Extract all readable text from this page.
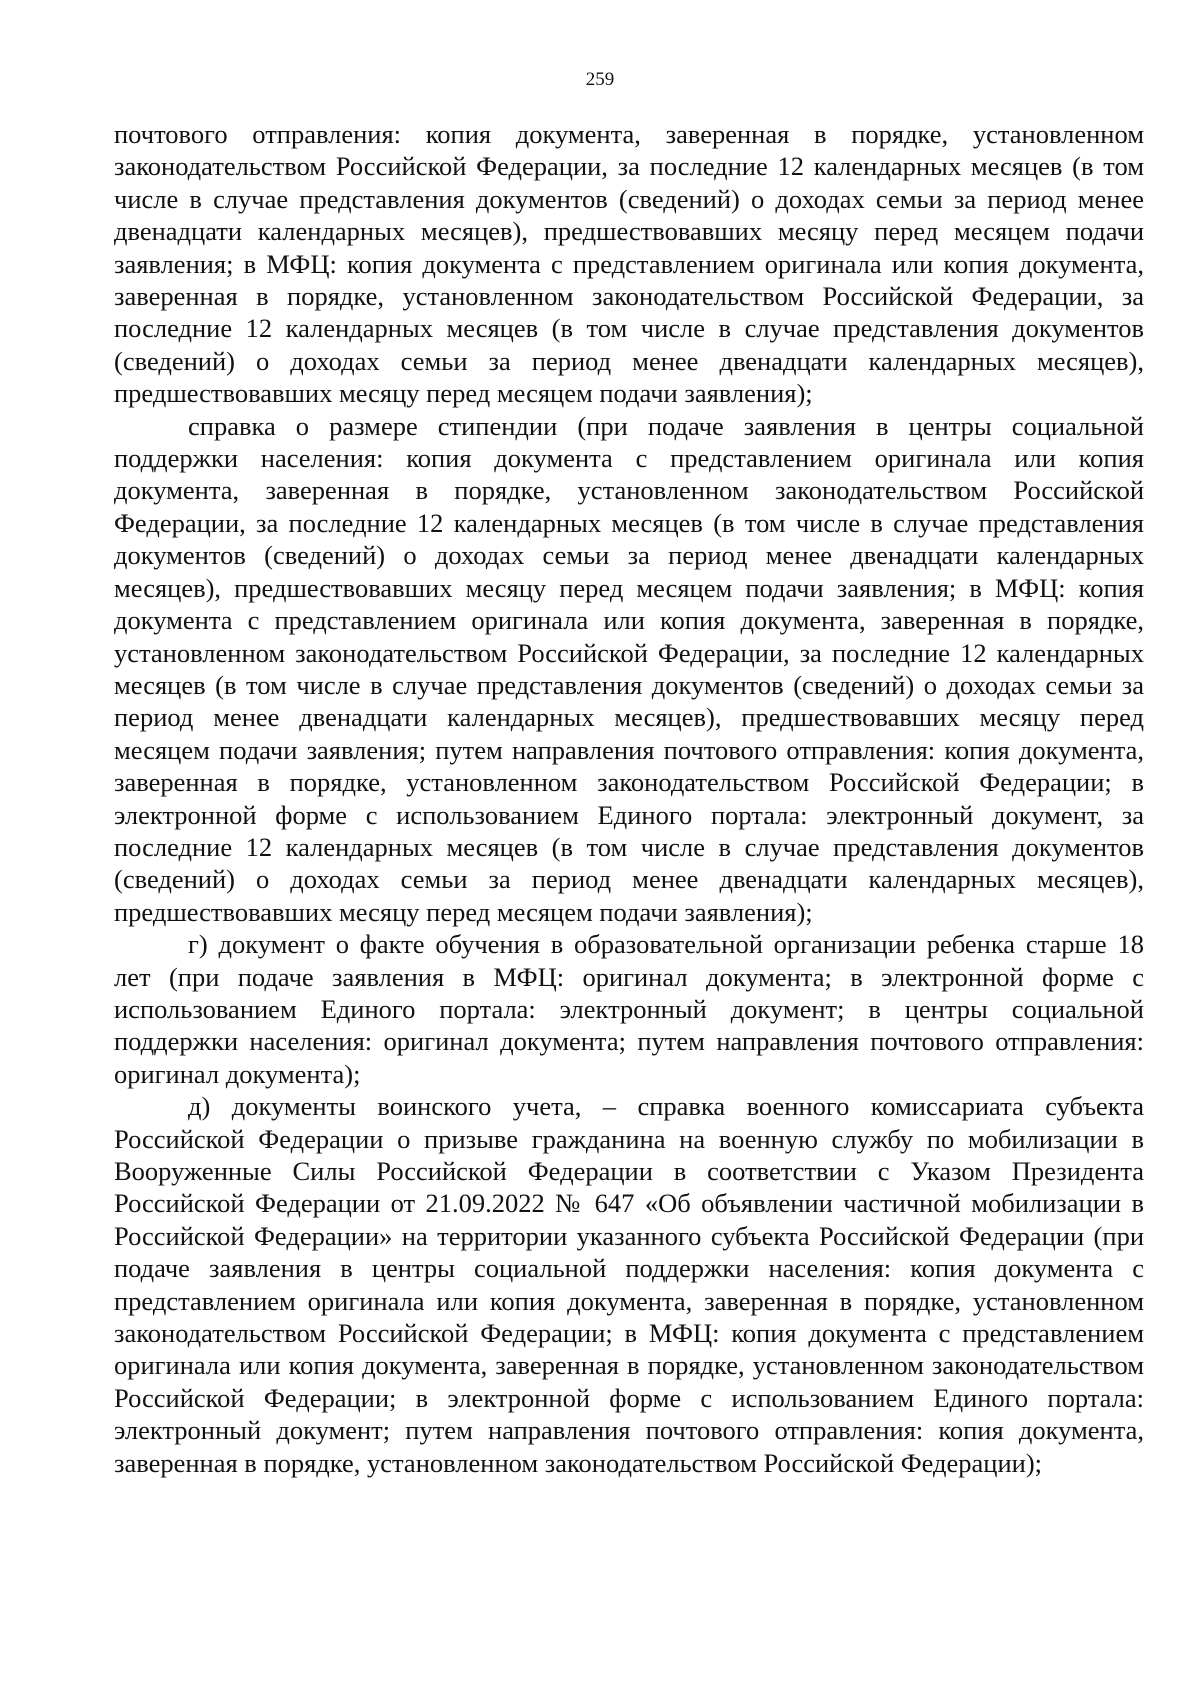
259

почтового отправления: копия документа, заверенная в порядке, установленном законодательством Российской Федерации, за последние 12 календарных месяцев (в том числе в случае представления документов (сведений) о доходах семьи за период менее двенадцати календарных месяцев), предшествовавших месяцу перед месяцем подачи заявления; в МФЦ: копия документа с представлением оригинала или копия документа, заверенная в порядке, установленном законодательством Российской Федерации, за последние 12 календарных месяцев (в том числе в случае представления документов (сведений) о доходах семьи за период менее двенадцати календарных месяцев), предшествовавших месяцу перед месяцем подачи заявления);

справка о размере стипендии (при подаче заявления в центры социальной поддержки населения: копия документа с представлением оригинала или копия документа, заверенная в порядке, установленном законодательством Российской Федерации, за последние 12 календарных месяцев (в том числе в случае представления документов (сведений) о доходах семьи за период менее двенадцати календарных месяцев), предшествовавших месяцу перед месяцем подачи заявления; в МФЦ: копия документа с представлением оригинала или копия документа, заверенная в порядке, установленном законодательством Российской Федерации, за последние 12 календарных месяцев (в том числе в случае представления документов (сведений) о доходах семьи за период менее двенадцати календарных месяцев), предшествовавших месяцу перед месяцем подачи заявления; путем направления почтового отправления: копия документа, заверенная в порядке, установленном законодательством Российской Федерации; в электронной форме с использованием Единого портала: электронный документ, за последние 12 календарных месяцев (в том числе в случае представления документов (сведений) о доходах семьи за период менее двенадцати календарных месяцев), предшествовавших месяцу перед месяцем подачи заявления);

г) документ о факте обучения в образовательной организации ребенка старше 18 лет (при подаче заявления в МФЦ: оригинал документа; в электронной форме с использованием Единого портала: электронный документ; в центры социальной поддержки населения: оригинал документа; путем направления почтового отправления: оригинал документа);

д) документы воинского учета, – справка военного комиссариата субъекта Российской Федерации о призыве гражданина на военную службу по мобилизации в Вооруженные Силы Российской Федерации в соответствии с Указом Президента Российской Федерации от 21.09.2022 № 647 «Об объявлении частичной мобилизации в Российской Федерации» на территории указанного субъекта Российской Федерации (при подаче заявления в центры социальной поддержки населения: копия документа с представлением оригинала или копия документа, заверенная в порядке, установленном законодательством Российской Федерации; в МФЦ: копия документа с представлением оригинала или копия документа, заверенная в порядке, установленном законодательством Российской Федерации; в электронной форме с использованием Единого портала: электронный документ; путем направления почтового отправления: копия документа, заверенная в порядке, установленном законодательством Российской Федерации);
